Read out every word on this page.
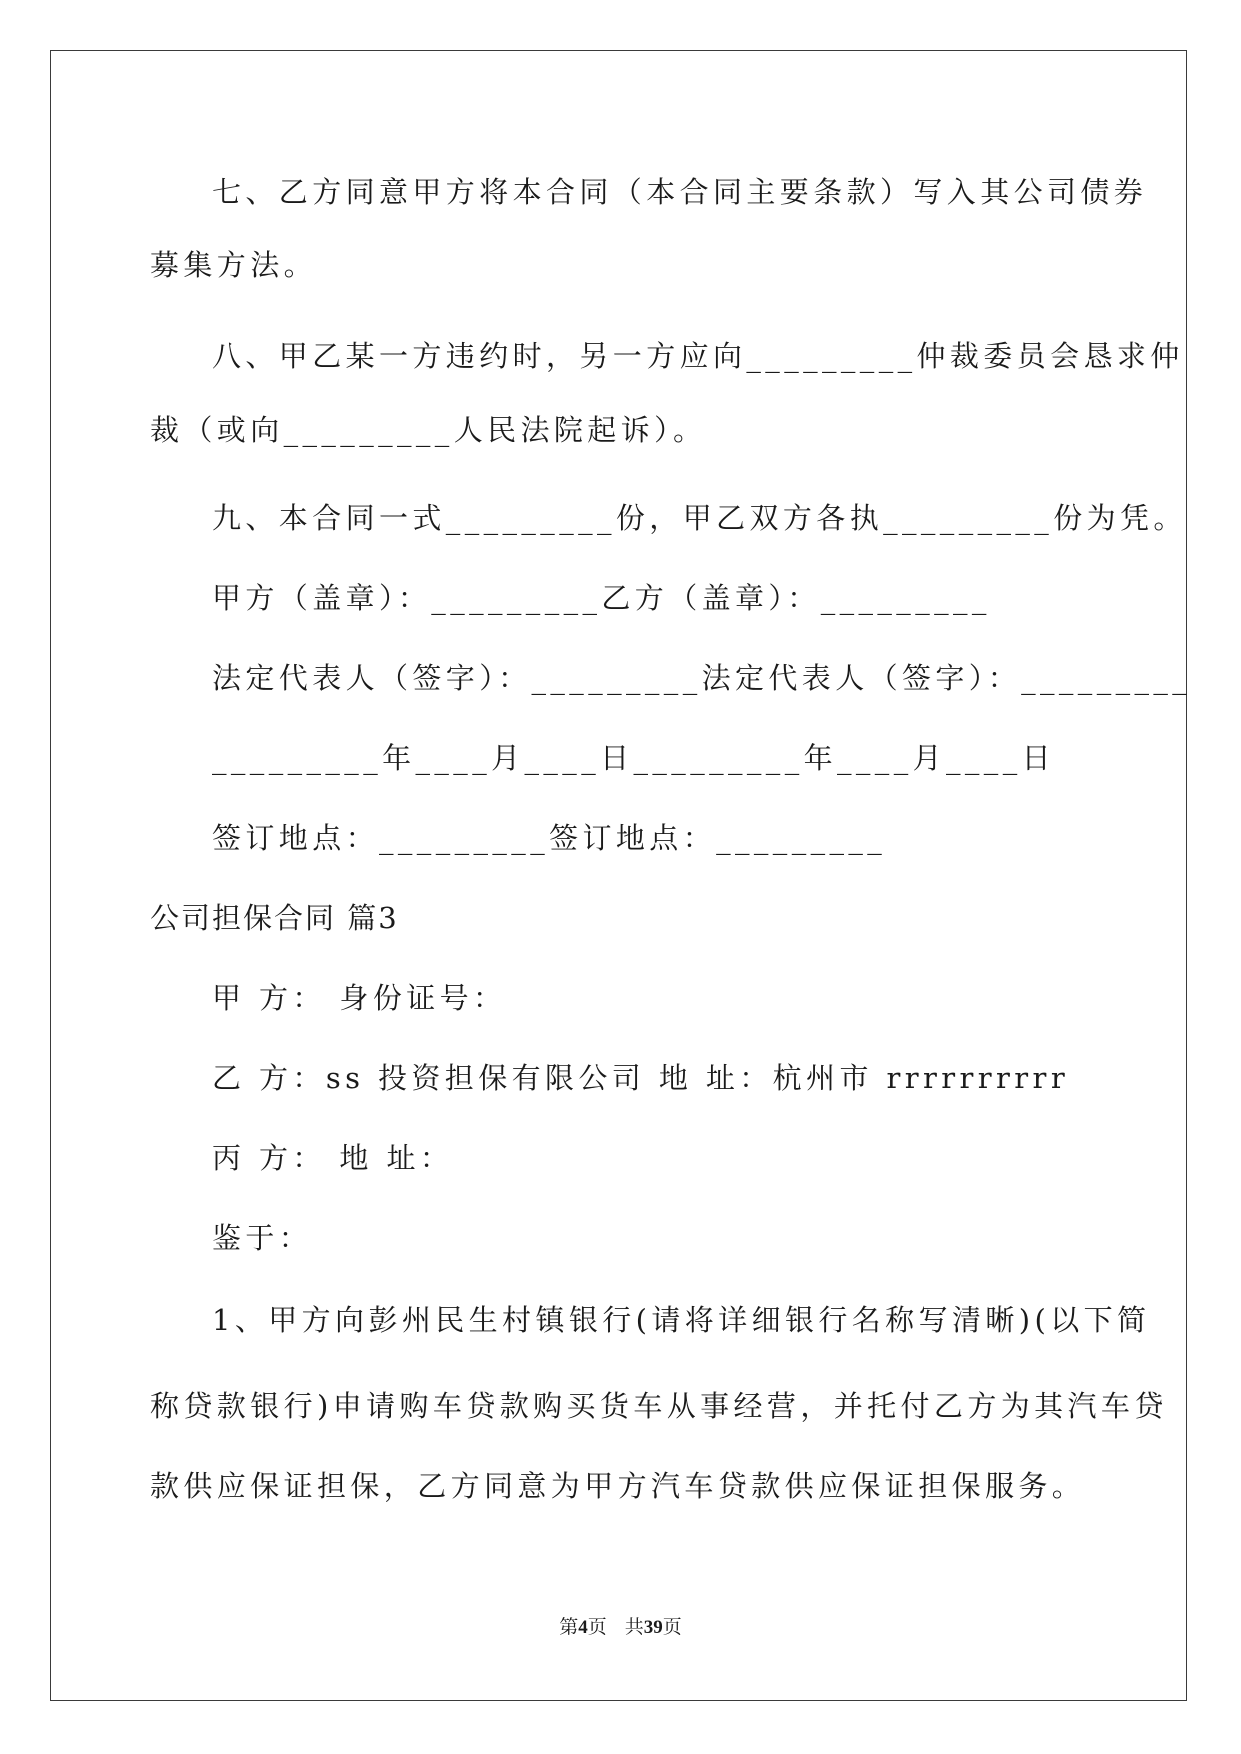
七、乙方同意甲方将本合同（本合同主要条款）写入其公司债券
募集方法。
八、甲乙某一方违约时，另一方应向_________仲裁委员会恳求仲
裁（或向_________人民法院起诉）。
九、本合同一式_________份，甲乙双方各执_________份为凭。
甲方（盖章）：_________乙方（盖章）：_________
法定代表人（签字）：_________法定代表人（签字）：_________
_________年____月____日_________年____月____日
签订地点：_________签订地点：_________
公司担保合同 篇3
甲 方： 身份证号：
乙 方：ss 投资担保有限公司 地 址：杭州市 rrrrrrrrrr
丙 方： 地 址：
鉴于：
1、甲方向彭州民生村镇银行(请将详细银行名称写清晰)(以下简
称贷款银行)申请购车贷款购买货车从事经营，并托付乙方为其汽车贷
款供应保证担保，乙方同意为甲方汽车贷款供应保证担保服务。
第4页 共39页
